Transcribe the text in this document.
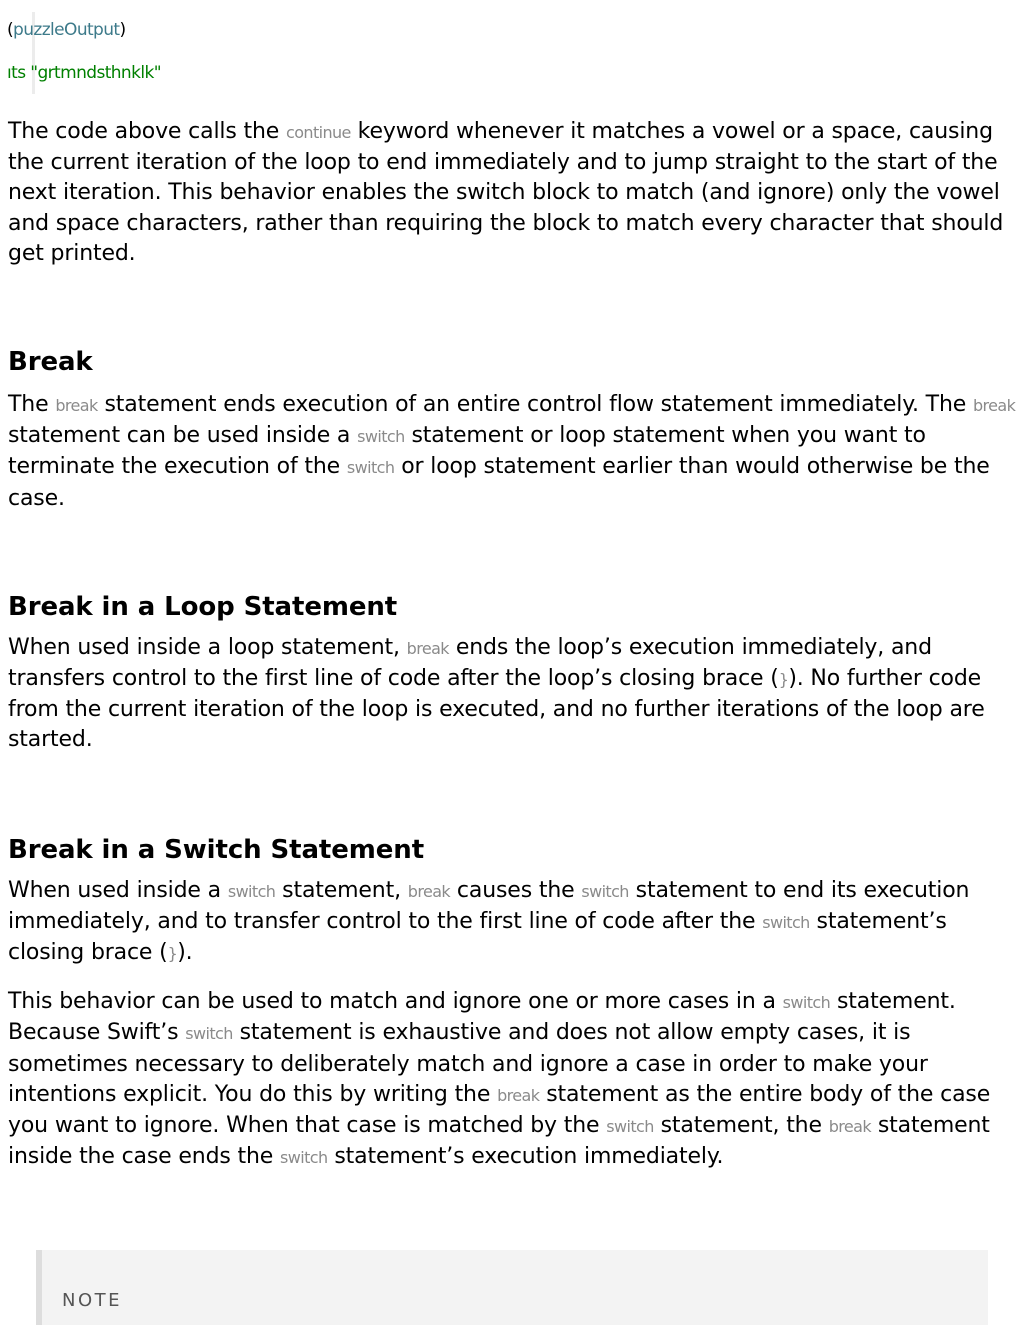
(puzzleOutput)
ıts "grtmndsthnklk"

The code above calls the continue keyword whenever it matches a vowel or a space, causing the current iteration of the loop to end immediately and to jump straight to the start of the next iteration. This behavior enables the switch block to match (and ignore) only the vowel and space characters, rather than requiring the block to match every character that should get printed.

Break

The break statement ends execution of an entire control flow statement immediately. The break statement can be used inside a switch statement or loop statement when you want to terminate the execution of the switch or loop statement earlier than would otherwise be the case.

Break in a Loop Statement

When used inside a loop statement, break ends the loop’s execution immediately, and transfers control to the first line of code after the loop’s closing brace (}). No further code from the current iteration of the loop is executed, and no further iterations of the loop are started.

Break in a Switch Statement

When used inside a switch statement, break causes the switch statement to end its execution immediately, and to transfer control to the first line of code after the switch statement’s closing brace (}).

This behavior can be used to match and ignore one or more cases in a switch statement. Because Swift’s switch statement is exhaustive and does not allow empty cases, it is sometimes necessary to deliberately match and ignore a case in order to make your intentions explicit. You do this by writing the break statement as the entire body of the case you want to ignore. When that case is matched by the switch statement, the break statement inside the case ends the switch statement’s execution immediately.

NOTE
